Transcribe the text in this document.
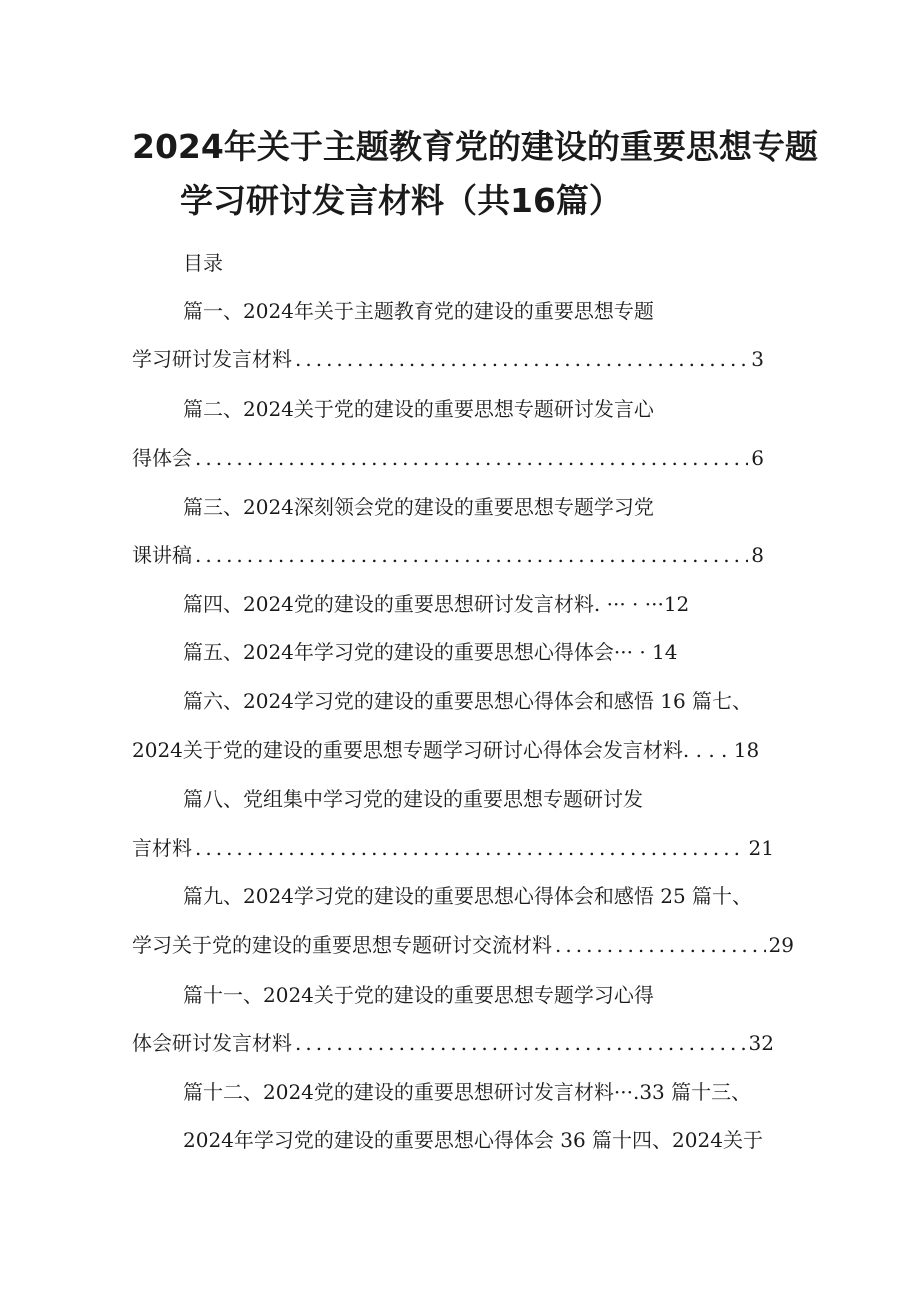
2024年关于主题教育党的建设的重要思想专题
学习研讨发言材料（共16篇）

目录

篇一、2024年关于主题教育党的建设的重要思想专题

学习研讨发言材料 .....	3

篇二、2024关于党的建设的重要思想专题研讨发言心

得体会 .....	6

篇三、2024深刻领会党的建设的重要思想专题学习党

课讲稿 .....	8

篇四、2024党的建设的重要思想研讨发言材料. ··· · ···12

篇五、2024年学习党的建设的重要思想心得体会··· · 14

篇六、2024学习党的建设的重要思想心得体会和感悟 16 篇七、

2024关于党的建设的重要思想专题学习研讨心得体会发言材料. . . . 18

篇八、党组集中学习党的建设的重要思想专题研讨发

言材料 .....	21

篇九、2024学习党的建设的重要思想心得体会和感悟 25 篇十、

学习关于党的建设的重要思想专题研讨交流材料 .....	29

篇十一、2024关于党的建设的重要思想专题学习心得

体会研讨发言材料 .....	32

篇十二、2024党的建设的重要思想研讨发言材料···.33 篇十三、

2024年学习党的建设的重要思想心得体会 36 篇十四、2024关于
